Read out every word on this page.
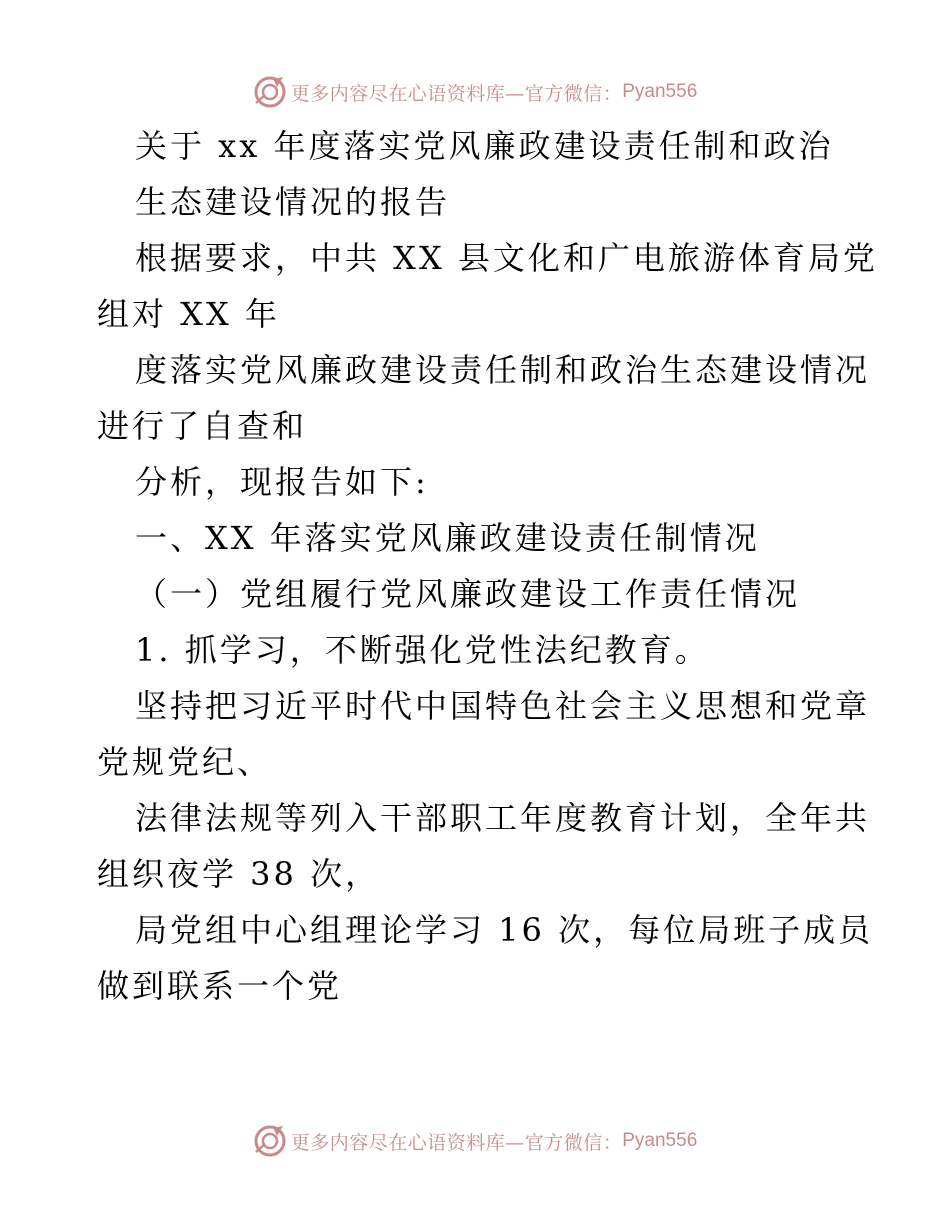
更多内容尽在心语资料库—官方微信： Pyan556
关于 xx 年度落实党风廉政建设责任制和政治
生态建设情况的报告
根据要求，中共 XX 县文化和广电旅游体育局党
组对 XX 年
度落实党风廉政建设责任制和政治生态建设情况
进行了自查和
分析，现报告如下:
一、XX 年落实党风廉政建设责任制情况
（一）党组履行党风廉政建设工作责任情况
1. 抓学习，不断强化党性法纪教育。
坚持把习近平时代中国特色社会主义思想和党章
党规党纪、
法律法规等列入干部职工年度教育计划，全年共
组织夜学 38 次，
局党组中心组理论学习 16 次，每位局班子成员
做到联系一个党
更多内容尽在心语资料库—官方微信： Pyan556
